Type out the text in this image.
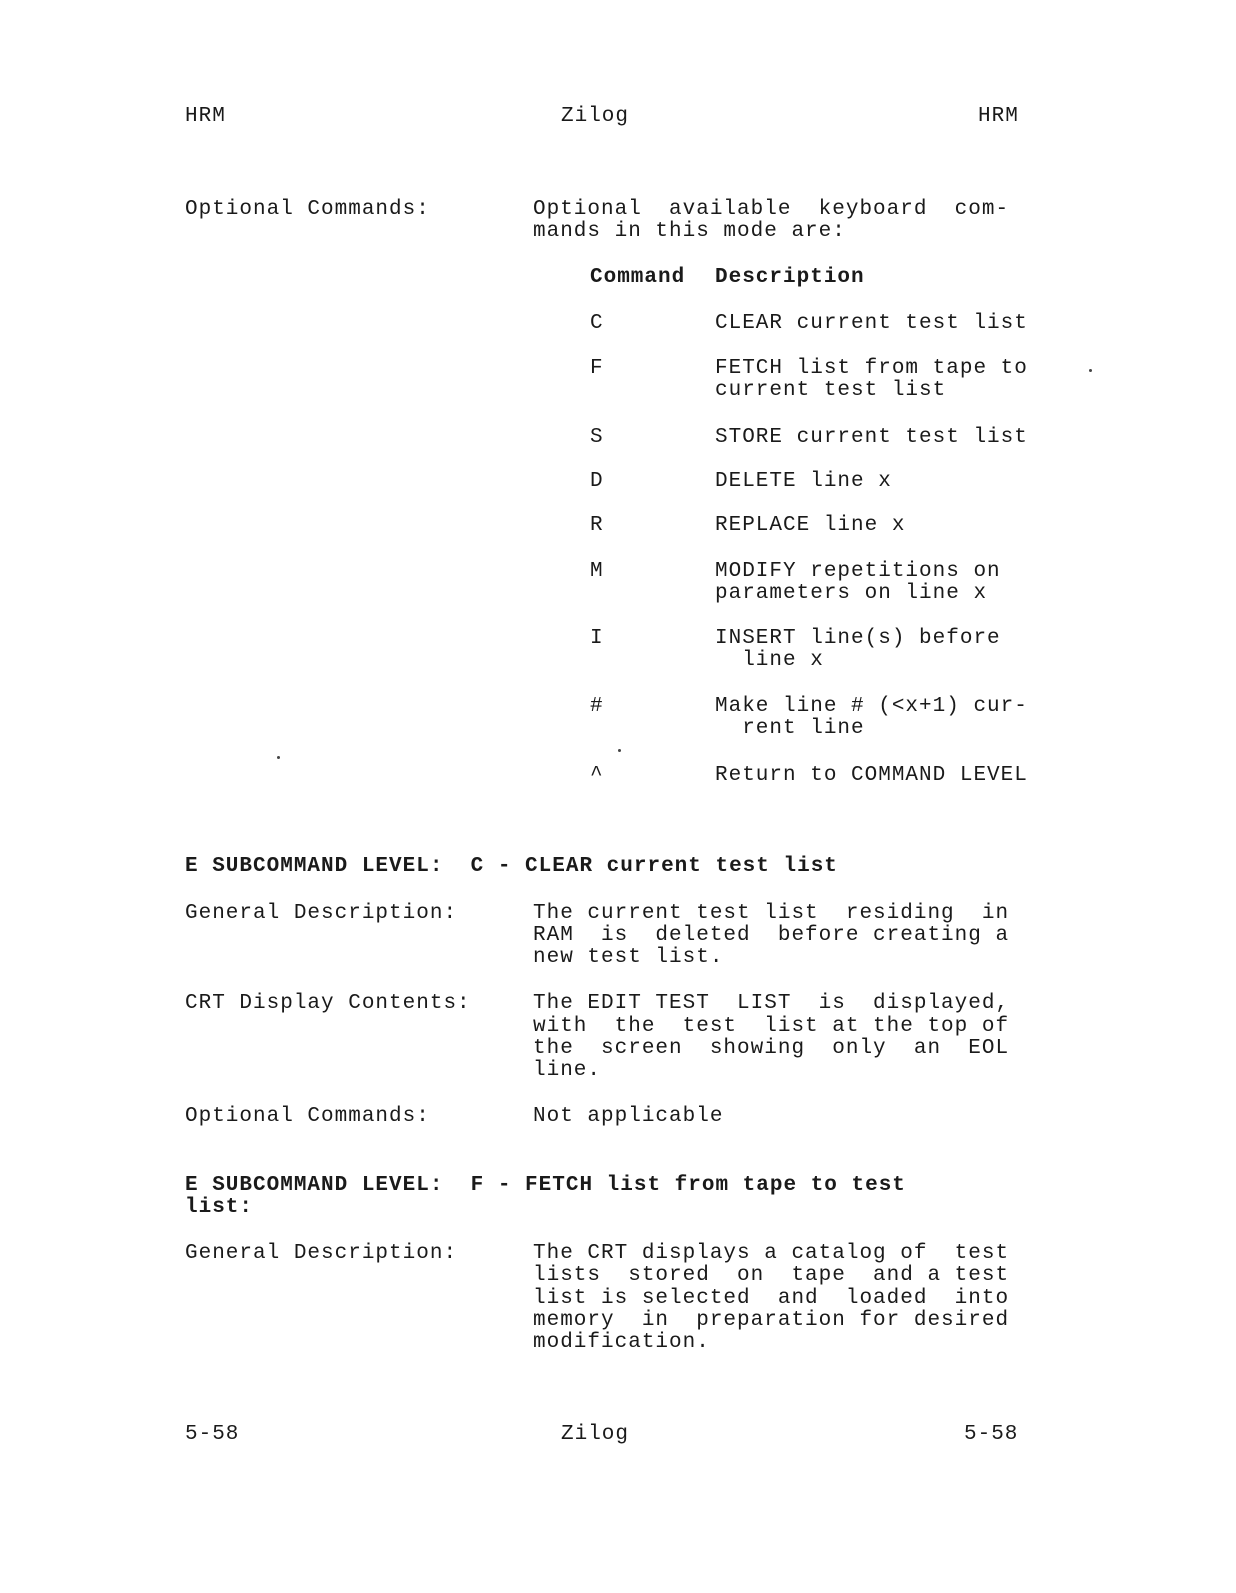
HRM	Zilog	HRM
Optional Commands:	Optional  available  keyboard  com-
mands in this mode are:
Command Description
C	CLEAR current test list
F	FETCH list from tape to
current test list
S	STORE current test list
D	DELETE line x
R	REPLACE line x
M	MODIFY repetitions on
parameters on line x
I	INSERT line(s) before
line x
#	Make line # (<x+1) cur-
rent line
^	Return to COMMAND LEVEL
E SUBCOMMAND LEVEL:  C - CLEAR current test list
General Description:	The current test list  residing  in
RAM  is  deleted  before creating a
new test list.
CRT Display Contents:	The EDIT TEST  LIST  is  displayed,
with  the  test  list at the top of
the  screen  showing  only  an  EOL
line.
Optional Commands:	Not applicable
E SUBCOMMAND LEVEL:  F - FETCH list from tape to test
list:
General Description:	The CRT displays a catalog of  test
lists  stored  on  tape  and a test
list is selected  and  loaded  into
memory  in  preparation for desired
modification.
5-58	Zilog	5-58
